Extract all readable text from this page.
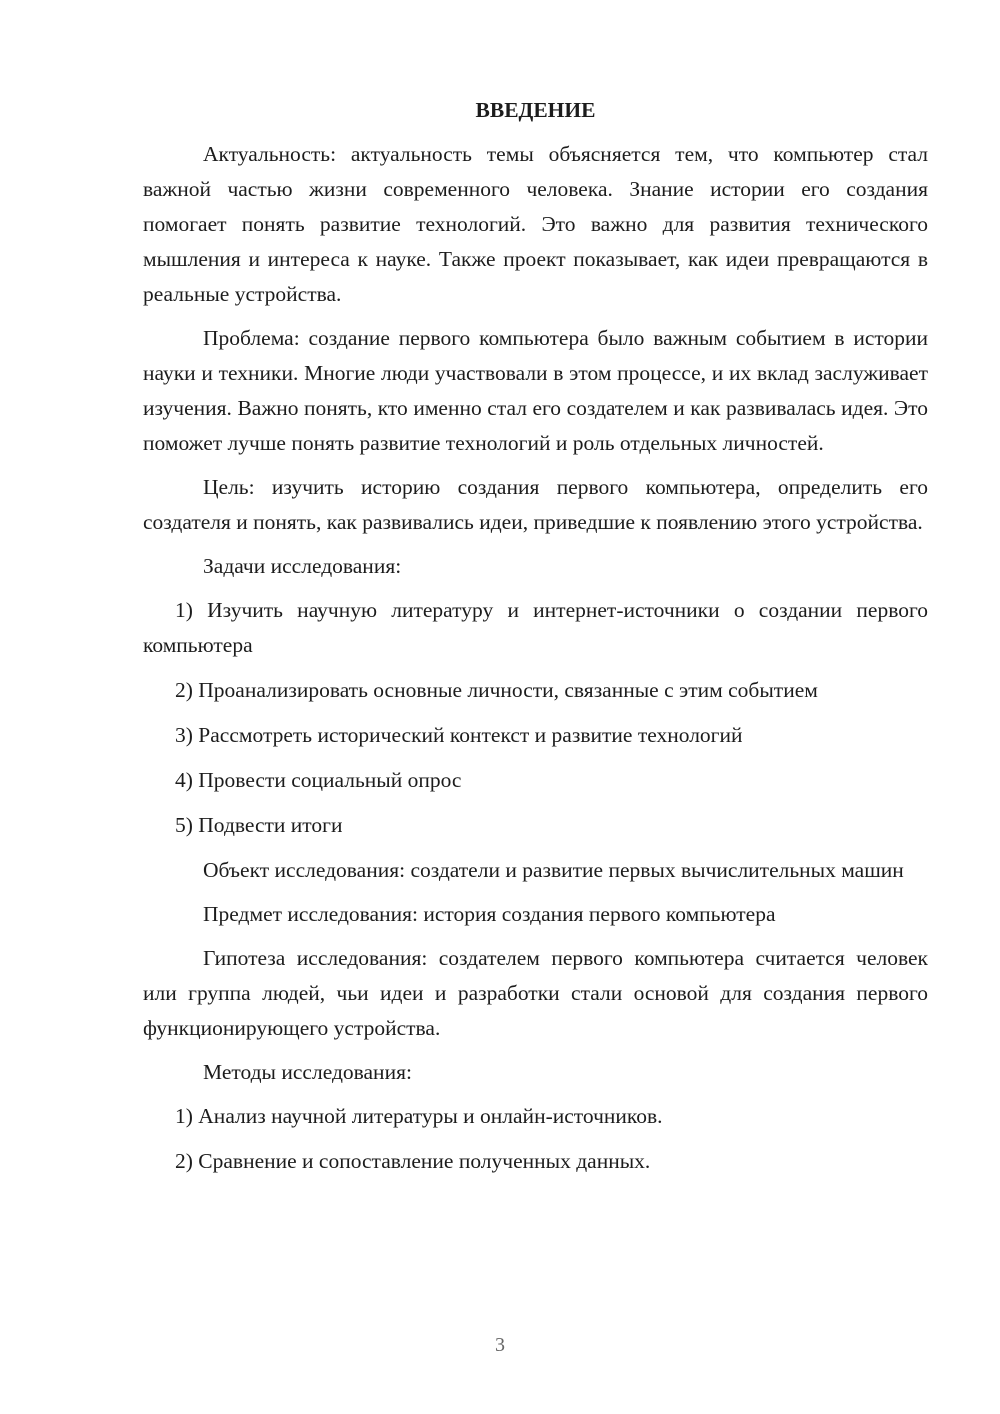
ВВЕДЕНИЕ

Актуальность: актуальность темы объясняется тем, что компьютер стал важной частью жизни современного человека. Знание истории его создания помогает понять развитие технологий. Это важно для развития технического мышления и интереса к науке. Также проект показывает, как идеи превращаются в реальные устройства.

Проблема: создание первого компьютера было важным событием в истории науки и техники. Многие люди участвовали в этом процессе, и их вклад заслуживает изучения. Важно понять, кто именно стал его создателем и как развивалась идея. Это поможет лучше понять развитие технологий и роль отдельных личностей.

Цель: изучить историю создания первого компьютера, определить его создателя и понять, как развивались идеи, приведшие к появлению этого устройства.

Задачи исследования:

1) Изучить научную литературу и интернет-источники о создании первого компьютера

2) Проанализировать основные личности, связанные с этим событием

3) Рассмотреть исторический контекст и развитие технологий

4) Провести социальный опрос

5) Подвести итоги

Объект исследования: создатели и развитие первых вычислительных машин

Предмет исследования: история создания первого компьютера

Гипотеза исследования: создателем первого компьютера считается человек или группа людей, чьи идеи и разработки стали основой для создания первого функционирующего устройства.

Методы исследования:

1) Анализ научной литературы и онлайн-источников.

2) Сравнение и сопоставление полученных данных.

3
